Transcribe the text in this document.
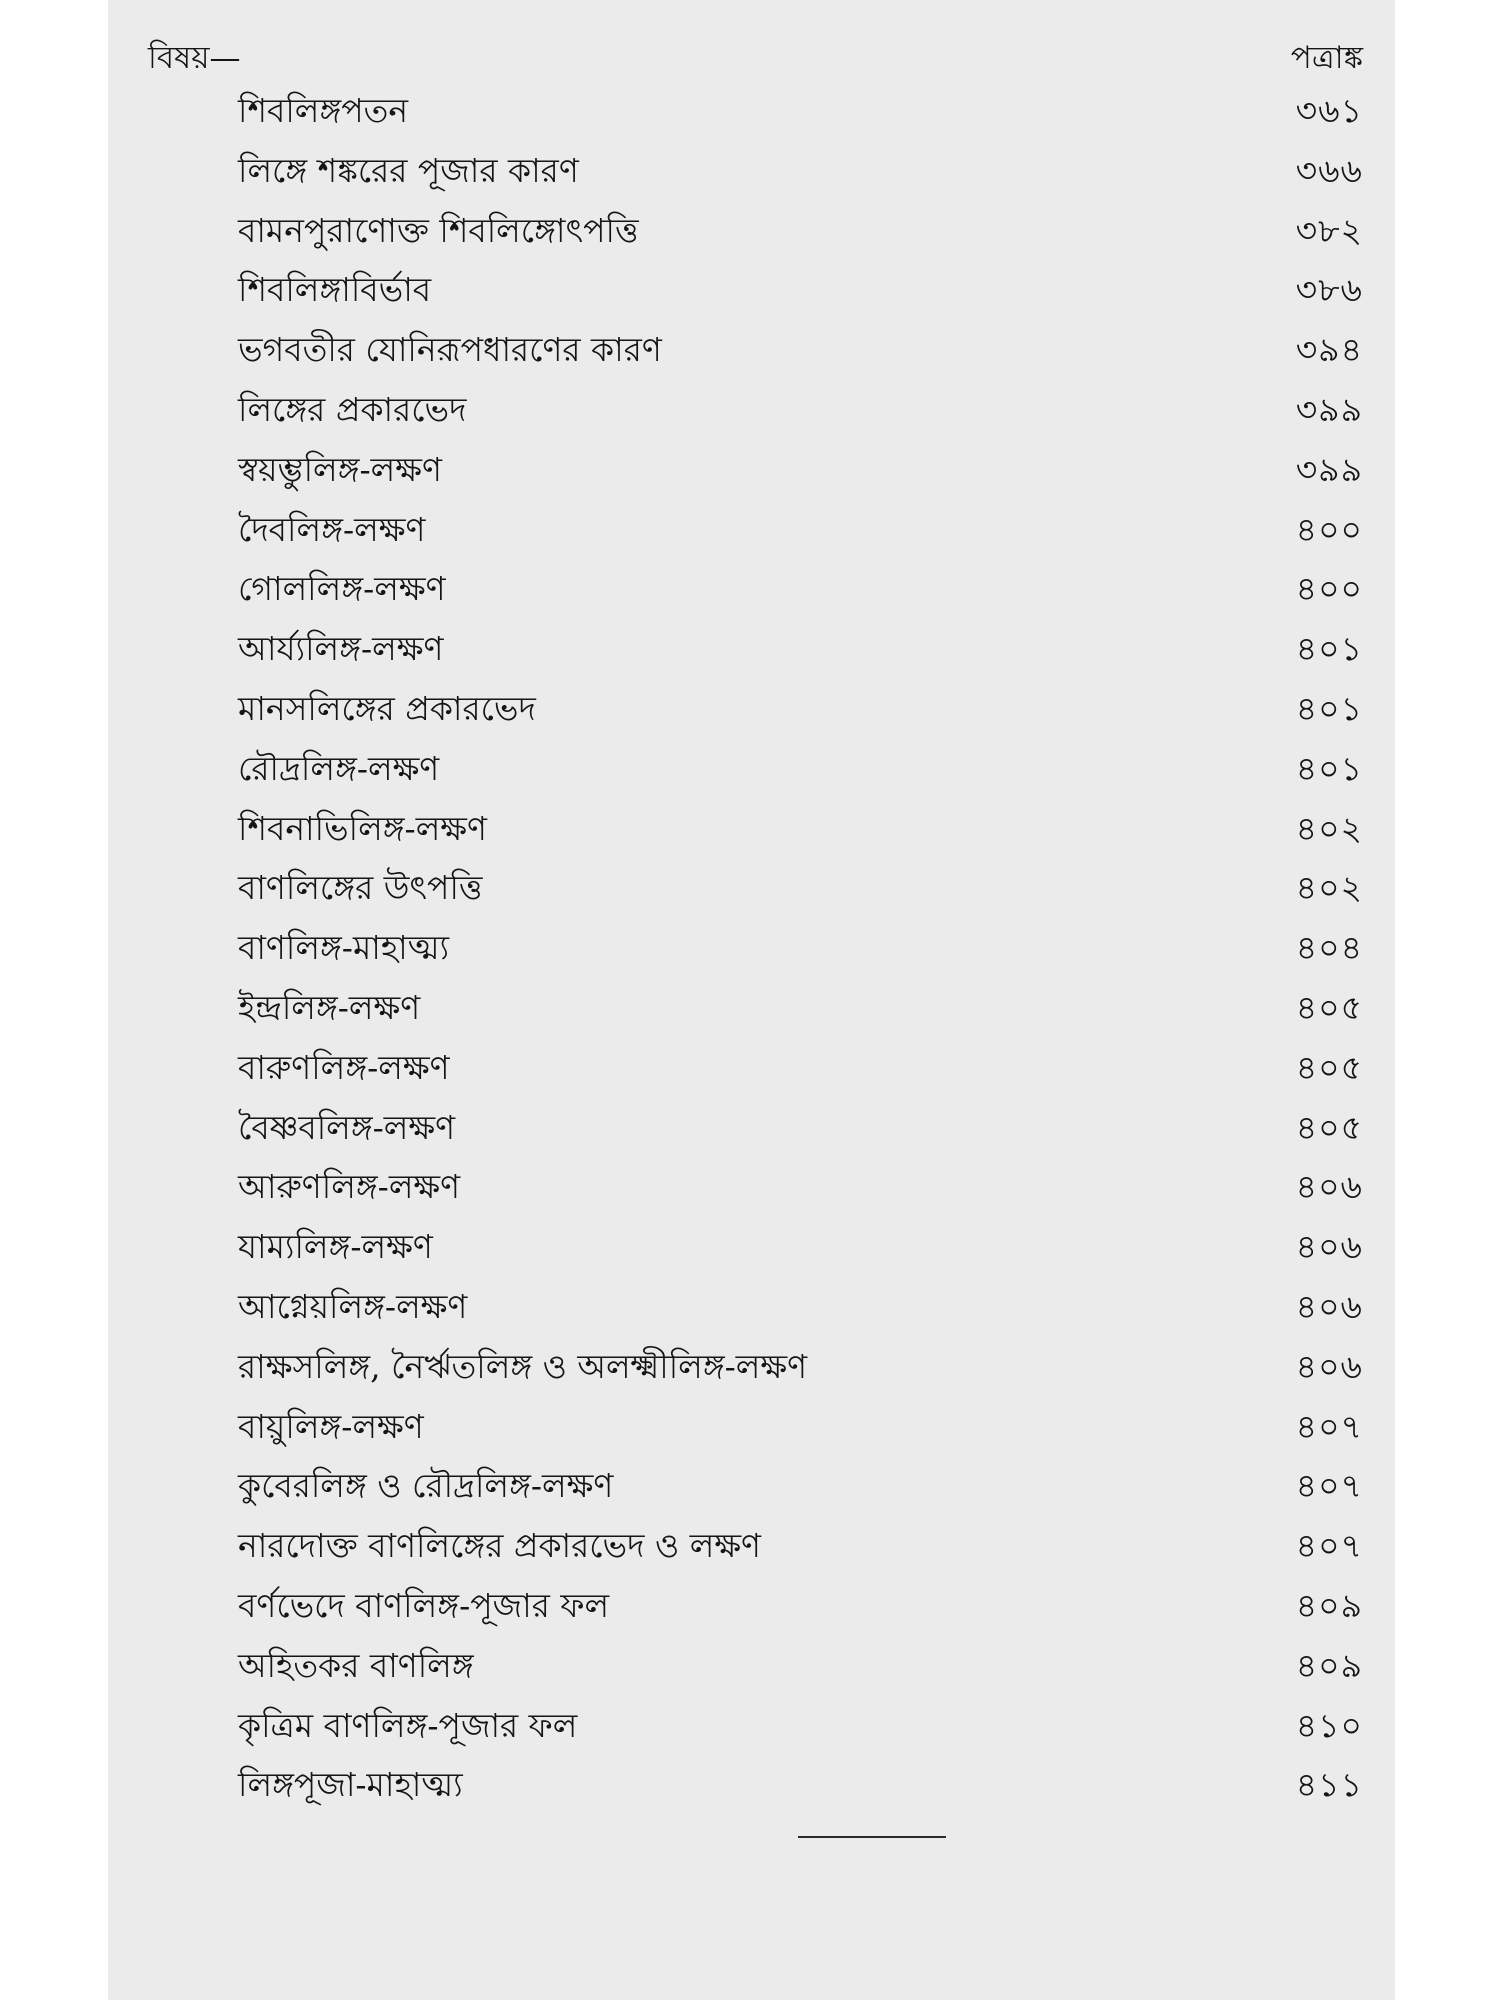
বিষয়—	পত্রাঙ্ক
শিবলিঙ্গপতন	৩৬১
লিঙ্গে শঙ্করের পূজার কারণ	৩৬৬
বামনপুরাণোক্ত শিবলিঙ্গোৎপত্তি	৩৮২
শিবলিঙ্গাবির্ভাব	৩৮৬
ভগবতীর যোনিরূপধারণের কারণ	৩৯৪
লিঙ্গের প্রকারভেদ	৩৯৯
স্বয়ম্ভুলিঙ্গ-লক্ষণ	৩৯৯
দৈবলিঙ্গ-লক্ষণ	৪০০
গোললিঙ্গ-লক্ষণ	৪০০
আর্য্যলিঙ্গ-লক্ষণ	৪০১
মানসলিঙ্গের প্রকারভেদ	৪০১
রৌদ্রলিঙ্গ-লক্ষণ	৪০১
শিবনাভিলিঙ্গ-লক্ষণ	৪০২
বাণলিঙ্গের উৎপত্তি	৪০২
বাণলিঙ্গ-মাহাত্ম্য	৪০৪
ইন্দ্রলিঙ্গ-লক্ষণ	৪০৫
বারুণলিঙ্গ-লক্ষণ	৪০৫
বৈষ্ণবলিঙ্গ-লক্ষণ	৪০৫
আরুণলিঙ্গ-লক্ষণ	৪০৬
যাম্যলিঙ্গ-লক্ষণ	৪০৬
আগ্নেয়লিঙ্গ-লক্ষণ	৪০৬
রাক্ষসলিঙ্গ, নৈর্ঋতলিঙ্গ ও অলক্ষ্মীলিঙ্গ-লক্ষণ	৪০৬
বায়ুলিঙ্গ-লক্ষণ	৪০৭
কুবেরলিঙ্গ ও রৌদ্রলিঙ্গ-লক্ষণ	৪০৭
নারদোক্ত বাণলিঙ্গের প্রকারভেদ ও লক্ষণ	৪০৭
বর্ণভেদে বাণলিঙ্গ-পূজার ফল	৪০৯
অহিতকর বাণলিঙ্গ	৪০৯
কৃত্রিম বাণলিঙ্গ-পূজার ফল	৪১০
লিঙ্গপূজা-মাহাত্ম্য	৪১১
